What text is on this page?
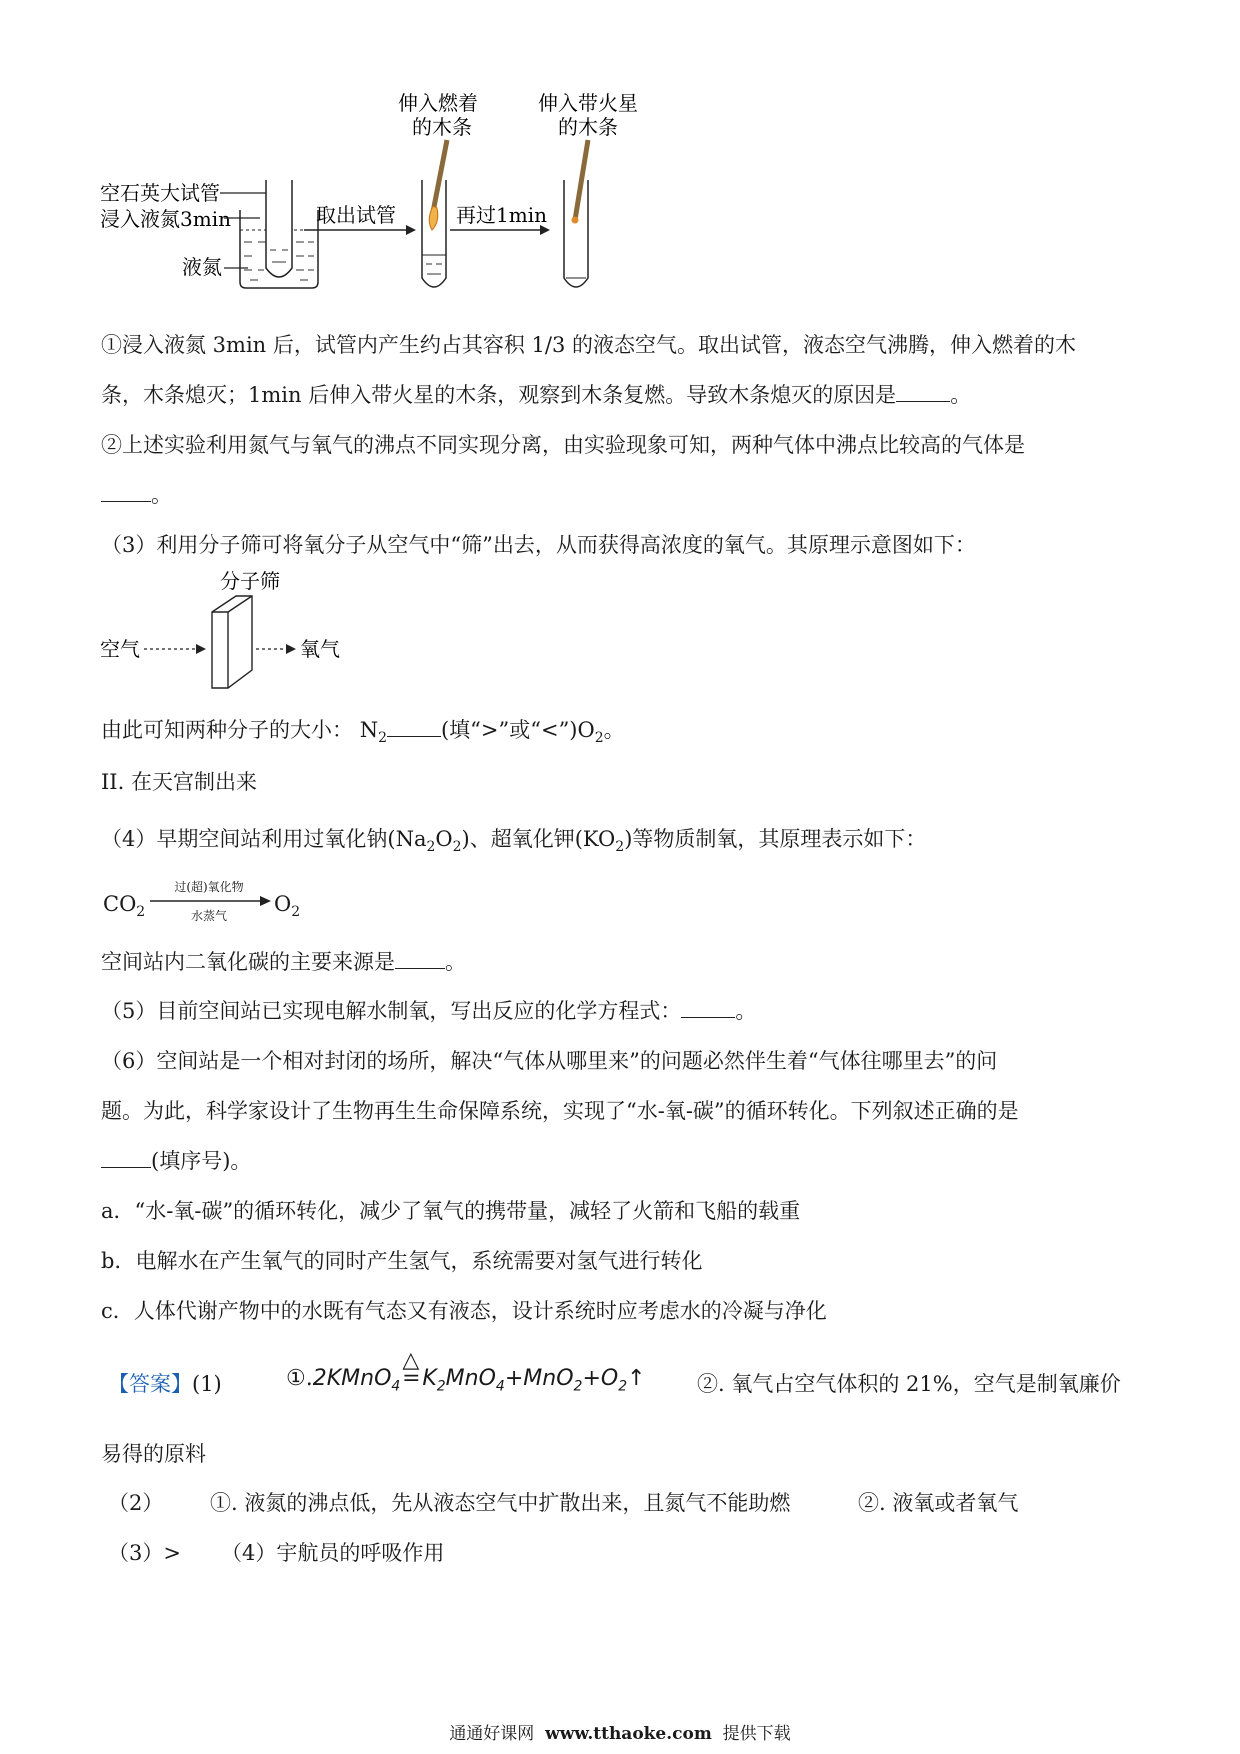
伸入燃着
的木条
伸入带火星
的木条
空石英大试管
浸入液氮3min
液氮
取出试管	再过1min
①浸入液氮 3min 后，试管内产生约占其容积 1/3 的液态空气。取出试管，液态空气沸腾，伸入燃着的木
条，木条熄灭；1min 后伸入带火星的木条，观察到木条复燃。导致木条熄灭的原因是	。
②上述实验利用氮气与氧气的沸点不同实现分离，由实验现象可知，两种气体中沸点比较高的气体是
。
（3）利用分子筛可将氧分子从空气中“筛”出去，从而获得高浓度的氧气。其原理示意图如下：
分子筛
空气	氧气
由此可知两种分子的大小： $N_2$	(填“>”或“$<”)O_2$。
II. 在天宫制出来
（4）早期空间站利用过氧化钠$(Na_2O_2)$、超氧化钾$(KO_2)$等物质制氧，其原理表示如下：
$CO_2$
过(超)氧化物
水蒸气	$O_2$
空间站内二氧化碳的主要来源是 。
（5）目前空间站已实现电解水制氧，写出反应的化学方程式：	。
（6）空间站是一个相对封闭的场所，解决“气体从哪里来”的问题必然伴生着“气体往哪里去”的问
题。为此，科学家设计了生物再生生命保障系统，实现了“水-氧-碳”的循环转化。下列叙述正确的是
(填序号)。
a．“水-氧-碳”的循环转化，减少了氧气的携带量，减轻了火箭和飞船的载重
b．电解水在产生氧气的同时产生氢气，系统需要对氢气进行转化
c．人体代谢产物中的水既有气态又有液态，设计系统时应考虑水的冷凝与净化
【答案】(1)	①.2KMnO$_4$
△
$=K_2MnO_4+MnO_2+O_2↑$ ②. 氧气占空气体积的 21%，空气是制氧廉价
易得的原料
（2） ①. 液氮的沸点低，先从液态空气中扩散出来，且氮气不能助燃	②. 液氧或者氧气
（3）> （4）宇航员的呼吸作用
通通好课网 www.tthaoke.com 提供下载
